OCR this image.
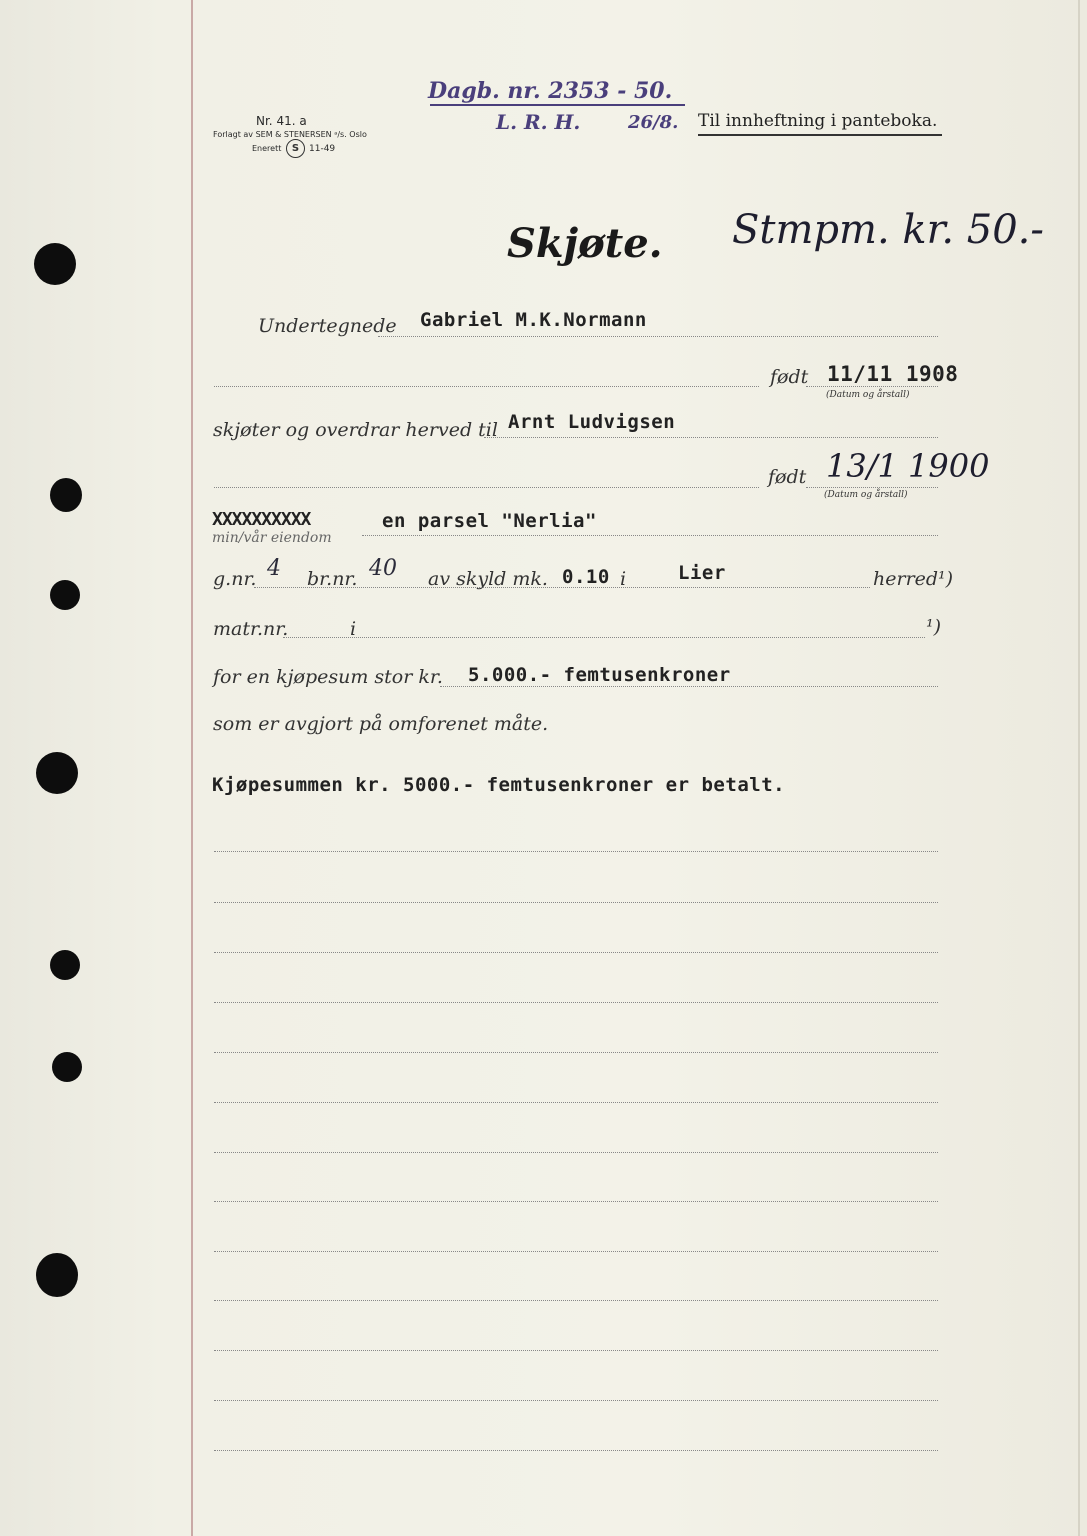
Nr. 41. a
Forlagt av SEM & STENERSEN ᵃ/s. Oslo
Enerett	S	11-49
Dagb. nr. 2353 - 50.
L. R. H.	26/8. Til innheftning i panteboka.
Skjøte. Stmpm. kr. 50.-
Undertegnede Gabriel M.K.Normann
født 11/11 1908
(Datum og årstall)
skjøter og overdrar herved til Arnt Ludvigsen
født 13/1 1900
(Datum og årstall)
XXXXXXXXXX
min/vår eiendom
en parsel "Nerlia"
g.nr. 4 br.nr. 40 av skyld mk. 0.10 i	Lier	herred¹)
matr.nr.	i	¹)
for en kjøpesum stor kr. 5.000.- femtusenkroner
som er avgjort på omforenet måte.
Kjøpesummen kr. 5000.- femtusenkroner er betalt.
